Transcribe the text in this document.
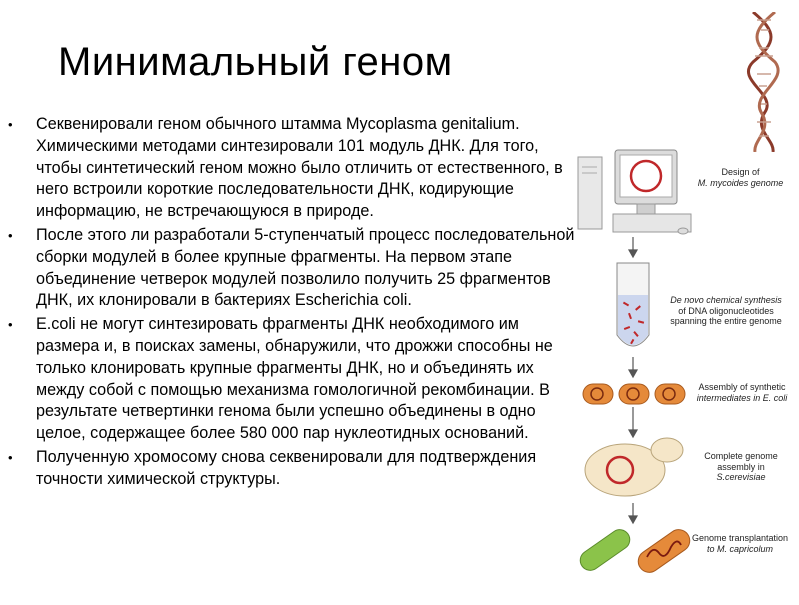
Минимальный геном
•	Секвенировали геном обычного штамма Mycoplasma genitalium. Химическими методами синтезировали 101 модуль ДНК. Для того, чтобы синтетический геном можно было отличить от естественного, в него встроили короткие последовательности ДНК, кодирующие информацию, не встречающуюся в природе.
•	После этого ли разработали 5-ступенчатый процесс последовательной сборки модулей в более крупные фрагменты. На первом этапе объединение четверок модулей позволило получить 25 фрагментов ДНК, их клонировали в бактериях Escherichia coli.
•	E.coli не могут синтезировать фрагменты ДНК необходимого им размера и, в поисках замены, обнаружили, что дрожжи способны не только клонировать крупные фрагменты ДНК, но и объединять их между собой с помощью механизма гомологичной рекомбинации. В результате четвертинки генома были успешно объединены в одно целое, содержащее более 580 000 пар нуклеотидных оснований.
•	Полученную хромосому снова секвенировали для подтверждения точности химической структуры.
Design of
M. mycoides genome
De novo chemical synthesis
of DNA oligonucleotides
spanning the entire genome
Assembly of synthetic
intermediates in E. coli
Complete genome
assembly in
S.cerevisiae
Genome transplantation
to M. capricolum
